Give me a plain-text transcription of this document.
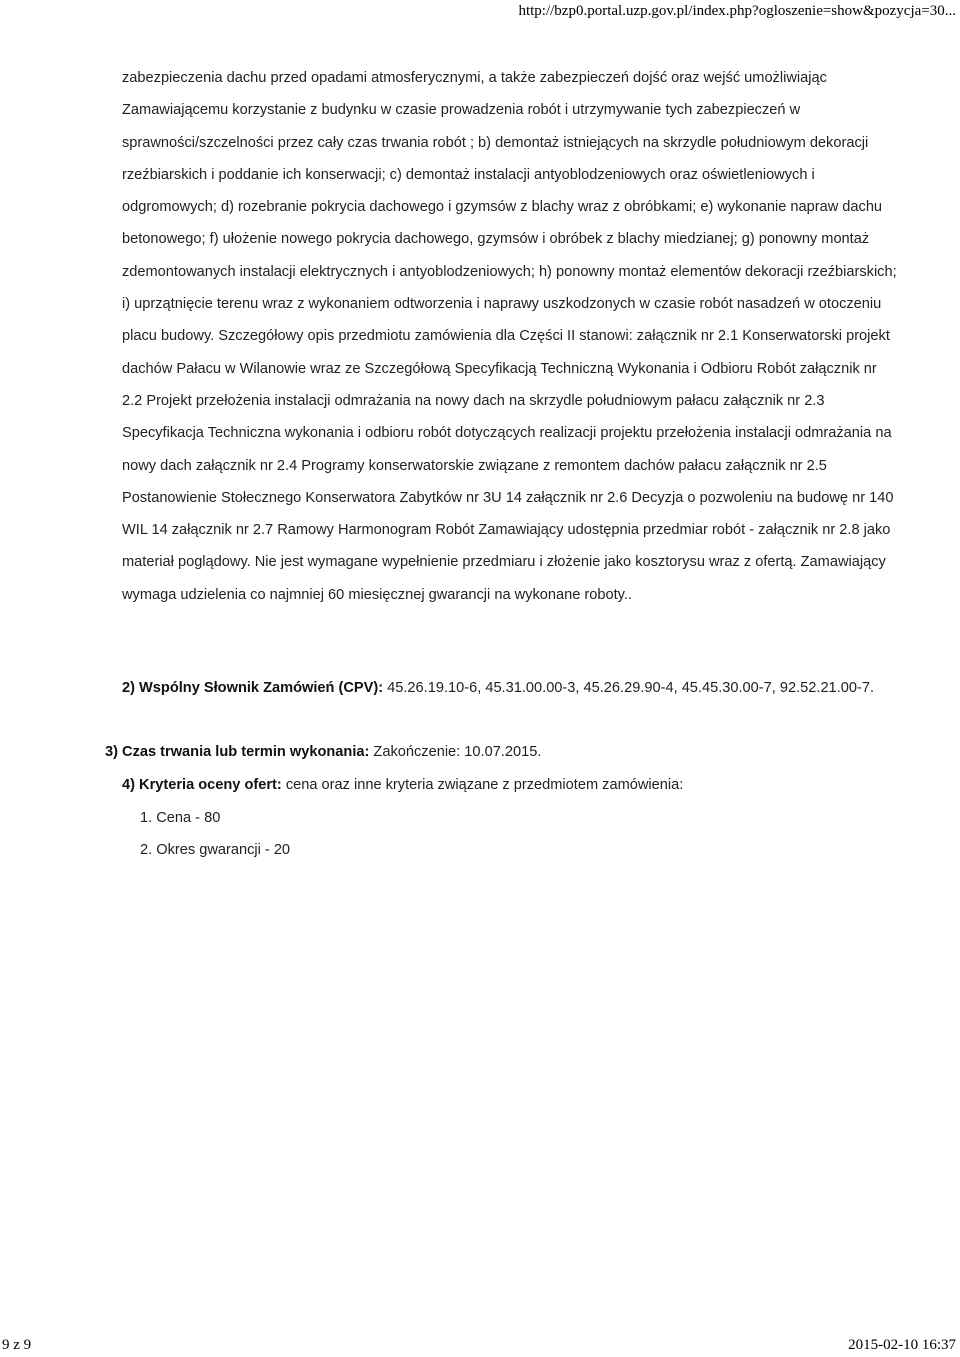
http://bzp0.portal.uzp.gov.pl/index.php?ogloszenie=show&pozycja=30...

zabezpieczenia dachu przed opadami atmosferycznymi, a także zabezpieczeń dojść oraz wejść umożliwiając Zamawiającemu korzystanie z budynku w czasie prowadzenia robót i utrzymywanie tych zabezpieczeń w sprawności/szczelności przez cały czas trwania robót ; b) demontaż istniejących na skrzydle południowym dekoracji rzeźbiarskich i poddanie ich konserwacji; c) demontaż instalacji antyoblodzeniowych oraz oświetleniowych i odgromowych; d) rozebranie pokrycia dachowego i gzymsów z blachy wraz z obróbkami; e) wykonanie napraw dachu betonowego; f) ułożenie nowego pokrycia dachowego, gzymsów i obróbek z blachy miedzianej; g) ponowny montaż zdemontowanych instalacji elektrycznych i antyoblodzeniowych; h) ponowny montaż elementów dekoracji rzeźbiarskich; i) uprzątnięcie terenu wraz z wykonaniem odtworzenia i naprawy uszkodzonych w czasie robót nasadzeń w otoczeniu placu budowy. Szczegółowy opis przedmiotu zamówienia dla Części II stanowi: załącznik nr 2.1 Konserwatorski projekt dachów Pałacu w Wilanowie wraz ze Szczegółową Specyfikacją Techniczną Wykonania i Odbioru Robót załącznik nr 2.2 Projekt przełożenia instalacji odmrażania na nowy dach na skrzydle południowym pałacu załącznik nr 2.3 Specyfikacja Techniczna wykonania i odbioru robót dotyczących realizacji projektu przełożenia instalacji odmrażania na nowy dach załącznik nr 2.4 Programy konserwatorskie związane z remontem dachów pałacu załącznik nr 2.5 Postanowienie Stołecznego Konserwatora Zabytków nr 3U 14 załącznik nr 2.6 Decyzja o pozwoleniu na budowę nr 140 WIL 14 załącznik nr 2.7 Ramowy Harmonogram Robót Zamawiający udostępnia przedmiar robót - załącznik nr 2.8 jako materiał poglądowy. Nie jest wymagane wypełnienie przedmiaru i złożenie jako kosztorysu wraz z ofertą. Zamawiający wymaga udzielenia co najmniej 60 miesięcznej gwarancji na wykonane roboty..

2) Wspólny Słownik Zamówień (CPV): 45.26.19.10-6, 45.31.00.00-3, 45.26.29.90-4, 45.45.30.00-7, 92.52.21.00-7.

3) Czas trwania lub termin wykonania: Zakończenie: 10.07.2015.

4) Kryteria oceny ofert: cena oraz inne kryteria związane z przedmiotem zamówienia:

1. Cena - 80

2. Okres gwarancji - 20

9 z 9	2015-02-10 16:37
